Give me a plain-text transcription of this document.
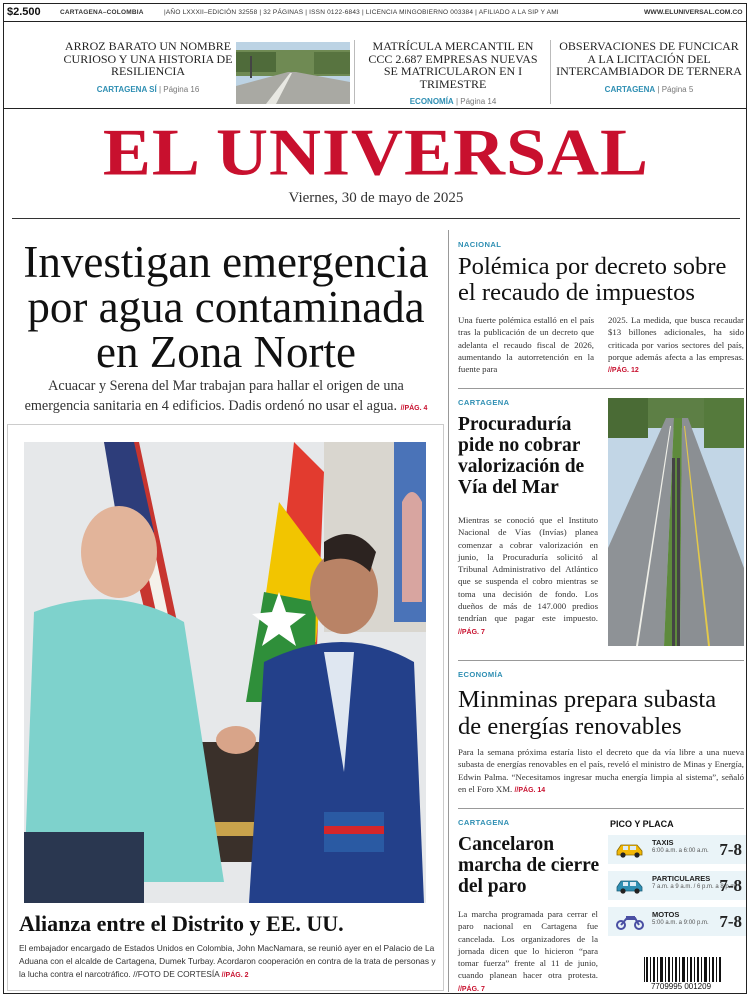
$2.500	CARTAGENA–COLOMBIA	|AÑO LXXXII–EDICIÓN 32558 | 32 PÁGINAS | ISSN 0122-6843 | LICENCIA MINGOBIERNO 003384 | AFILIADO A LA SIP Y AMI	WWW.ELUNIVERSAL.COM.CO
ARROZ BARATO UN NOMBRE CURIOSO Y UNA HISTORIA DE RESILIENCIA
CARTAGENA SÍ | Página 16
MATRÍCULA MERCANTIL EN CCC 2.687 EMPRESAS NUEVAS SE MATRICULARON EN I TRIMESTRE
ECONOMÍA | Página 14
OBSERVACIONES DE FUNCICAR A LA LICITACIÓN DEL INTERCAMBIADOR DE TERNERA
CARTAGENA | Página 5
EL UNIVERSAL
Viernes, 30 de mayo de 2025
Investigan emergencia por agua contaminada en Zona Norte
Acuacar y Serena del Mar trabajan para hallar el origen de una emergencia sanitaria en 4 edificios. Dadis ordenó no usar el agua. //PÁG. 4
Alianza entre el Distrito y EE. UU.
El embajador encargado de Estados Unidos en Colombia, John MacNamara, se reunió ayer en el Palacio de La Aduana con el alcalde de Cartagena, Dumek Turbay. Acordaron cooperación en contra de la trata de personas y la lucha contra el narcotráfico. //FOTO DE CORTESÍA //PÁG. 2
NACIONAL
Polémica por decreto sobre el recaudo de impuestos
Una fuerte polémica estalló en el país tras la publicación de un decreto que adelanta el recaudo fiscal de 2026, aumentando la autorretención en la fuente para
2025. La medida, que busca recaudar $13 billones adicionales, ha sido criticada por varios sectores del país, porque además afecta a las empresas. //PÁG. 12
CARTAGENA
Procuraduría pide no cobrar valorización de Vía del Mar
Mientras se conoció que el Instituto Nacional de Vías (Invías) planea comenzar a cobrar valorización en junio, la Procuraduría solicitó al Tribunal Administrativo del Atlántico que se suspenda el cobro mientras se toma una decisión de fondo. Los dueños de más de 147.000 predios tendrían que pagar este impuesto. //PÁG. 7
ECONOMÍA
Minminas prepara subasta de energías renovables
Para la semana próxima estaría listo el decreto que da vía libre a una nueva subasta de energías renovables en el país, reveló el ministro de Minas y Energía, Edwin Palma. “Necesitamos ingresar mucha energía limpia al sistema”, señaló en el Foro XM. //PÁG. 14
CARTAGENA
Cancelaron marcha de cierre del paro
La marcha programada para cerrar el paro nacional en Cartagena fue cancelada. Los organizadores de la jornada dicen que lo hicieron “para tomar fuerza” frente al 11 de junio, cuando planean hacer otra protesta. //PÁG. 7
PICO Y PLACA
TAXIS
6:00 a.m. a 6:00 a.m. 7-8
PARTICULARES
7 a.m. a 9 a.m. / 6 p.m. a 8 p.m.
7-8
MOTOS
5:00 a.m. a 9:00 p.m. 7-8
7709995 001209
